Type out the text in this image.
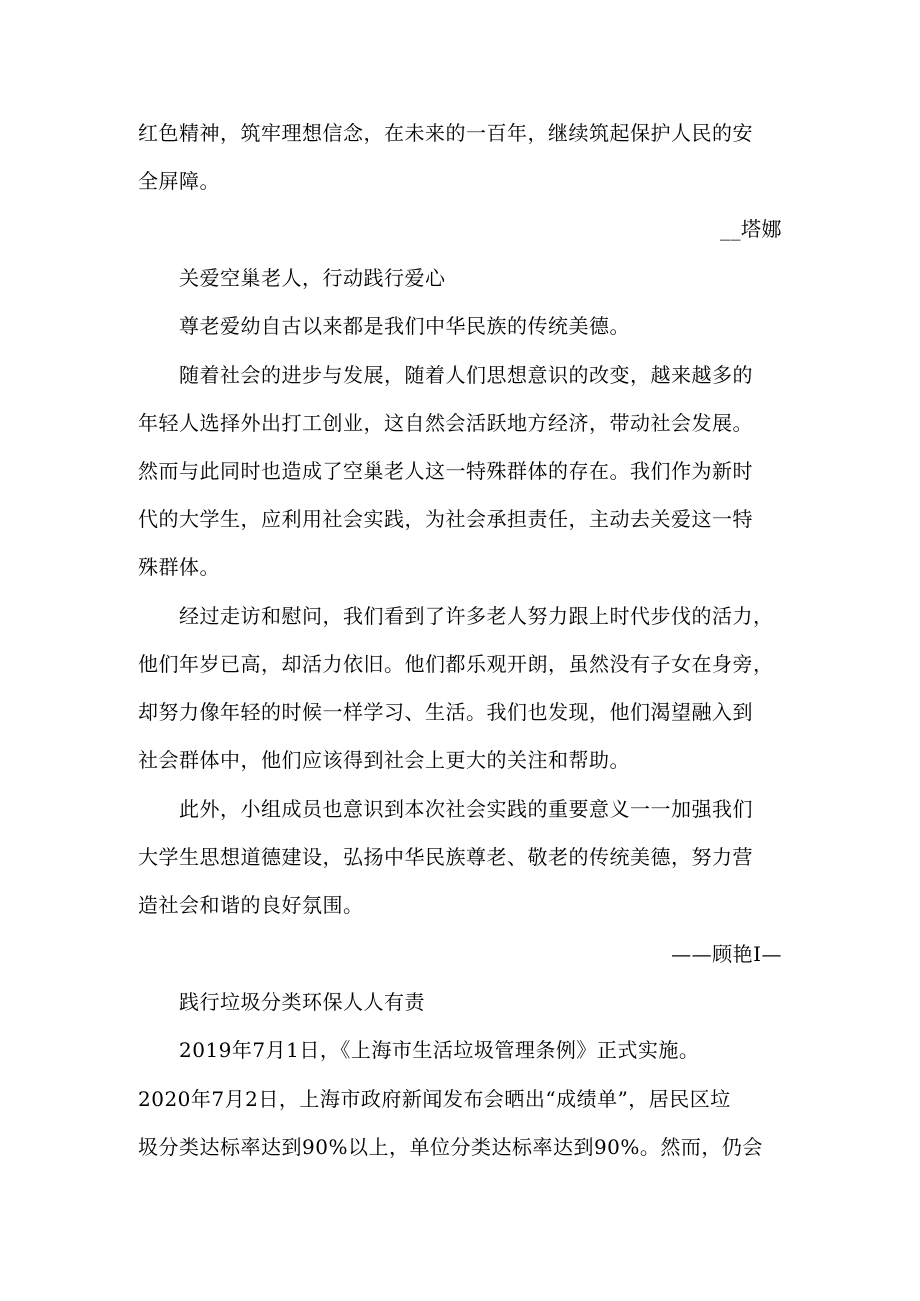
红色精神，筑牢理想信念，在未来的一百年，继续筑起保护人民的安
全屏障。
__塔娜
关爱空巢老人，行动践行爱心
尊老爱幼自古以来都是我们中华民族的传统美德。
随着社会的进步与发展，随着人们思想意识的改变，越来越多的
年轻人选择外出打工创业，这自然会活跃地方经济，带动社会发展。
然而与此同时也造成了空巢老人这一特殊群体的存在。我们作为新时
代的大学生，应利用社会实践，为社会承担责任，主动去关爱这一特
殊群体。
经过走访和慰问，我们看到了许多老人努力跟上时代步伐的活力，
他们年岁已高，却活力依旧。他们都乐观开朗，虽然没有子女在身旁，
却努力像年轻的时候一样学习、生活。我们也发现，他们渴望融入到
社会群体中，他们应该得到社会上更大的关注和帮助。
此外，小组成员也意识到本次社会实践的重要意义一一加强我们
大学生思想道德建设，弘扬中华民族尊老、敬老的传统美德，努力营
造社会和谐的良好氛围。
——顾艳I—
践行垃圾分类环保人人有责
2019年7月1日，《上海市生活垃圾管理条例》正式实施。
2020年7月2日，上海市政府新闻发布会晒出“成绩单”，居民区垃
圾分类达标率达到90%以上，单位分类达标率达到90%。然而，仍会
